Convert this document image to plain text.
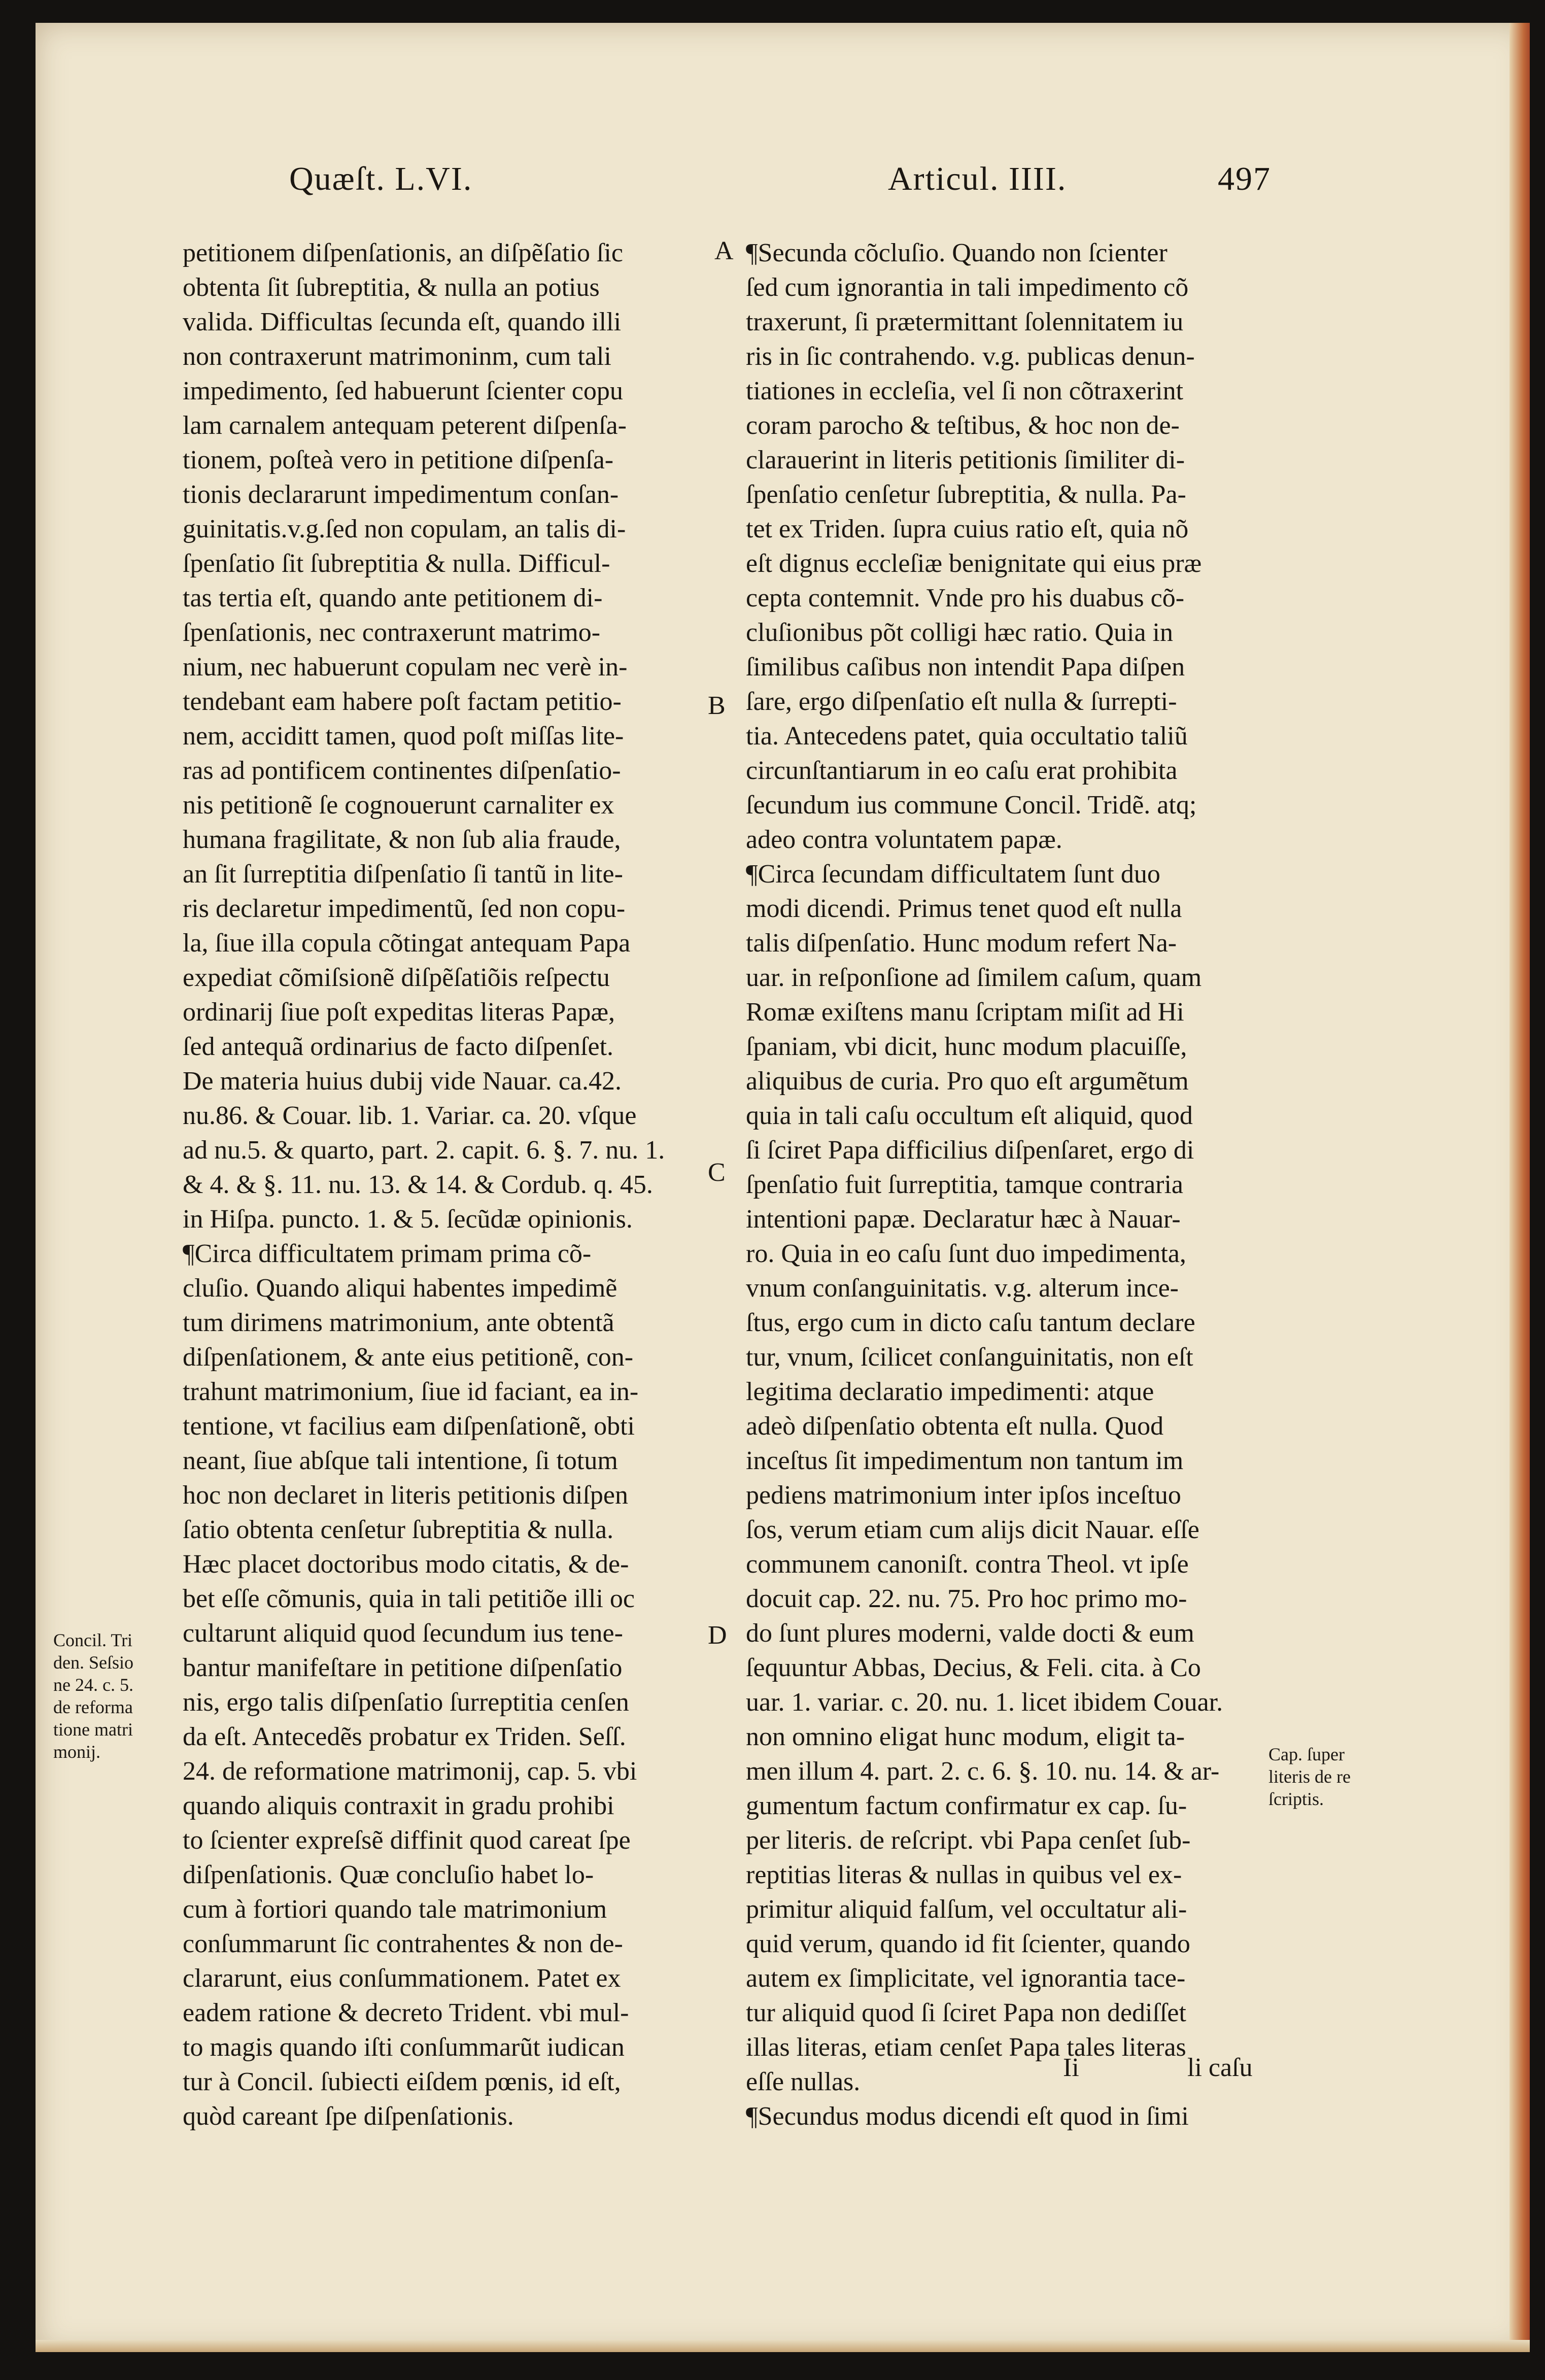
Quæſt. L.VI.	Articul. IIII.	497
petitionem diſpenſationis, an diſpẽſatio ſic
obtenta ſit ſubreptitia, & nulla an potius
valida. Difficultas ſecunda eſt, quando illi
non contraxerunt matrimoninm, cum tali
impedimento, ſed habuerunt ſcienter copu
lam carnalem antequam peterent diſpenſa-
tionem, poſteà vero in petitione diſpenſa-
tionis declararunt impedimentum conſan-
guinitatis.v.g.ſed non copulam, an talis di-
ſpenſatio ſit ſubreptitia & nulla. Difficul-
tas tertia eſt, quando ante petitionem di-
ſpenſationis, nec contraxerunt matrimo-
nium, nec habuerunt copulam nec verè in-
tendebant eam habere poſt factam petitio-
nem, acciditt tamen, quod poſt miſſas lite-
ras ad pontificem continentes diſpenſatio-
nis petitionẽ ſe cognouerunt carnaliter ex
humana fragilitate, & non ſub alia fraude,
an ſit ſurreptitia diſpenſatio ſi tantũ in lite-
ris declaretur impedimentũ, ſed non copu-
la, ſiue illa copula cõtingat antequam Papa
expediat cõmiſsionẽ diſpẽſatiõis reſpectu
ordinarij ſiue poſt expeditas literas Papæ,
ſed antequã ordinarius de facto diſpenſet.
De materia huius dubij vide Nauar. ca.42.
nu.86. & Couar. lib. 1. Variar. ca. 20. vſque
ad nu.5. & quarto, part. 2. capit. 6. §. 7. nu. 1.
& 4. & §. 11. nu. 13. & 14. & Cordub. q. 45.
in Hiſpa. puncto. 1. & 5. ſecũdæ opinionis.
¶Circa difficultatem primam prima cõ-
cluſio. Quando aliqui habentes impedimẽ
tum dirimens matrimonium, ante obtentã
diſpenſationem, & ante eius petitionẽ, con-
trahunt matrimonium, ſiue id faciant, ea in-
tentione, vt facilius eam diſpenſationẽ, obti
neant, ſiue abſque tali intentione, ſi totum
hoc non declaret in literis petitionis diſpen
ſatio obtenta cenſetur ſubreptitia & nulla.
Hæc placet doctoribus modo citatis, & de-
bet eſſe cõmunis, quia in tali petitiõe illi oc
cultarunt aliquid quod ſecundum ius tene-
bantur manifeſtare in petitione diſpenſatio
nis, ergo talis diſpenſatio ſurreptitia cenſen
da eſt. Antecedẽs probatur ex Triden. Seſſ.
24. de reformatione matrimonij, cap. 5. vbi
quando aliquis contraxit in gradu prohibi
to ſcienter expreſsẽ diffinit quod careat ſpe
diſpenſationis. Quæ concluſio habet lo-
cum à fortiori quando tale matrimonium
conſummarunt ſic contrahentes & non de-
clararunt, eius conſummationem. Patet ex
eadem ratione & decreto Trident. vbi mul-
to magis quando iſti conſummarũt iudican
tur à Concil. ſubiecti eiſdem pœnis, id eſt,
quòd careant ſpe diſpenſationis.
¶Secunda cõcluſio. Quando non ſcienter
ſed cum ignorantia in tali impedimento cõ
traxerunt, ſi prætermittant ſolennitatem iu
ris in ſic contrahendo. v.g. publicas denun-
tiationes in eccleſia, vel ſi non cõtraxerint
coram parocho & teſtibus, & hoc non de-
clarauerint in literis petitionis ſimiliter di-
ſpenſatio cenſetur ſubreptitia, & nulla. Pa-
tet ex Triden. ſupra cuius ratio eſt, quia nõ
eſt dignus eccleſiæ benignitate qui eius præ
cepta contemnit. Vnde pro his duabus cõ-
cluſionibus põt colligi hæc ratio. Quia in
ſimilibus caſibus non intendit Papa diſpen
ſare, ergo diſpenſatio eſt nulla & ſurrepti-
tia. Antecedens patet, quia occultatio taliũ
circunſtantiarum in eo caſu erat prohibita
ſecundum ius commune Concil. Tridẽ. atq;
adeo contra voluntatem papæ.
¶Circa ſecundam difficultatem ſunt duo
modi dicendi. Primus tenet quod eſt nulla
talis diſpenſatio. Hunc modum refert Na-
uar. in reſponſione ad ſimilem caſum, quam
Romæ exiſtens manu ſcriptam miſit ad Hi
ſpaniam, vbi dicit, hunc modum placuiſſe,
aliquibus de curia. Pro quo eſt argumẽtum
quia in tali caſu occultum eſt aliquid, quod
ſi ſciret Papa difficilius diſpenſaret, ergo di
ſpenſatio fuit ſurreptitia, tamque contraria
intentioni papæ. Declaratur hæc à Nauar-
ro. Quia in eo caſu ſunt duo impedimenta,
vnum conſanguinitatis. v.g. alterum ince-
ſtus, ergo cum in dicto caſu tantum declare
tur, vnum, ſcilicet conſanguinitatis, non eſt
legitima declaratio impedimenti: atque
adeò diſpenſatio obtenta eſt nulla. Quod
inceſtus ſit impedimentum non tantum im
pediens matrimonium inter ipſos inceſtuo
ſos, verum etiam cum alijs dicit Nauar. eſſe
communem canoniſt. contra Theol. vt ipſe
docuit cap. 22. nu. 75. Pro hoc primo mo-
do ſunt plures moderni, valde docti & eum
ſequuntur Abbas, Decius, & Feli. cita. à Co
uar. 1. variar. c. 20. nu. 1. licet ibidem Couar.
non omnino eligat hunc modum, eligit ta-
men illum 4. part. 2. c. 6. §. 10. nu. 14. & ar-
gumentum factum confirmatur ex cap. ſu-
per literis. de reſcript. vbi Papa cenſet ſub-
reptitias literas & nullas in quibus vel ex-
primitur aliquid falſum, vel occultatur ali-
quid verum, quando id fit ſcienter, quando
autem ex ſimplicitate, vel ignorantia tace-
tur aliquid quod ſi ſciret Papa non dediſſet
illas literas, etiam cenſet Papa tales literas
eſſe nullas.
¶Secundus modus dicendi eſt quod in ſimi
A
B
C
D
Concil. Tri
den. Seſsio
ne 24. c. 5.
de reforma
tione matri
monij.	Cap. ſuper
literis de re
ſcriptis.
Ii	li caſu
